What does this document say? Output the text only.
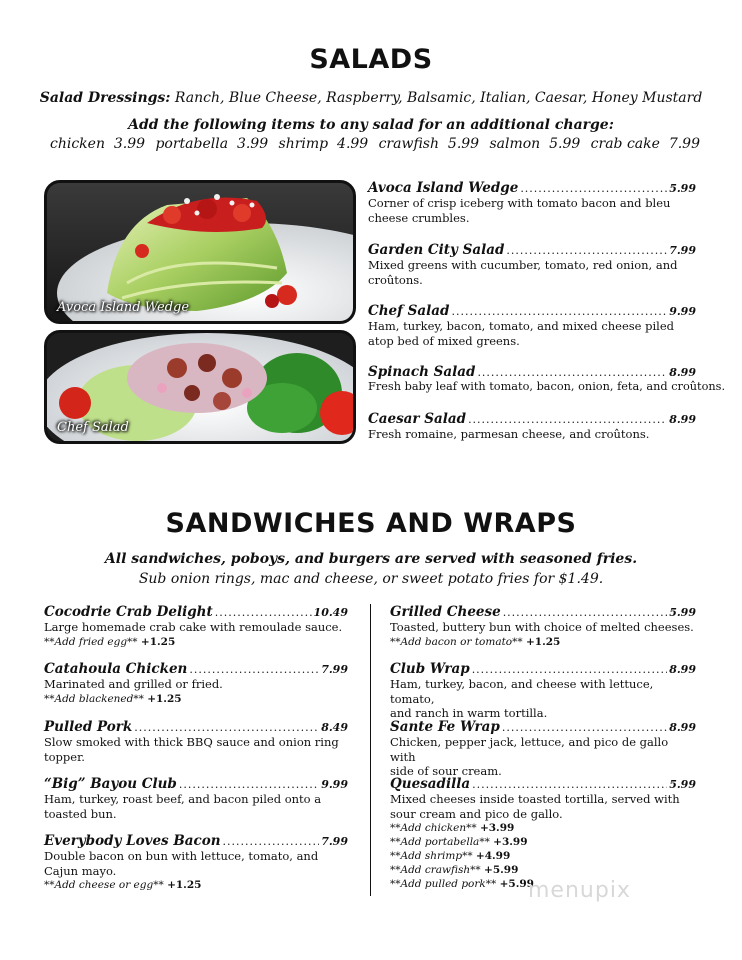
SALADS
Salad Dressings: Ranch, Blue Cheese, Raspberry, Balsamic, Italian, Caesar, Honey Mustard
Add the following items to any salad for an additional charge:
chicken 3.99 portabella 3.99 shrimp 4.99 crawfish 5.99 salmon 5.99 crab cake 7.99
Avoca Island Wedge
Chef Salad
Avoca Island Wedge .....	5.99
Corner of crisp iceberg with tomato bacon and bleu
cheese crumbles.
Garden City Salad .....	7.99
Mixed greens with cucumber, tomato, red onion, and
croûtons.
Chef Salad .....	9.99
Ham, turkey, bacon, tomato, and mixed cheese piled
atop bed of mixed greens.
Spinach Salad .....	8.99
Fresh baby leaf with tomato, bacon, onion, feta, and croûtons.
Caesar Salad .....	8.99
Fresh romaine, parmesan cheese, and croûtons.
SANDWICHES AND WRAPS
All sandwiches, poboys, and burgers are served with seasoned fries.
Sub onion rings, mac and cheese, or sweet potato fries for $1.49.
Cocodrie Crab Delight .....	10.49
Large homemade crab cake with remoulade sauce.
**Add fried egg** +1.25
Catahoula Chicken .....	7.99
Marinated and grilled or fried.
**Add blackened** +1.25
Pulled Pork .....	8.49
Slow smoked with thick BBQ sauce and onion ring
topper.
“Big” Bayou Club .....	9.99
Ham, turkey, roast beef, and bacon piled onto a
toasted bun.
Everybody Loves Bacon .....	7.99
Double bacon on bun with lettuce, tomato, and
Cajun mayo.
**Add cheese or egg** +1.25
Grilled Cheese .....	5.99
Toasted, buttery bun with choice of melted cheeses.
**Add bacon or tomato** +1.25
Club Wrap .....	8.99
Ham, turkey, bacon, and cheese with lettuce, tomato,
and ranch in warm tortilla.
Sante Fe Wrap .....	8.99
Chicken, pepper jack, lettuce, and pico de gallo with
side of sour cream.
Quesadilla .....	5.99
Mixed cheeses inside toasted tortilla, served with
sour cream and pico de gallo.
**Add chicken** +3.99
**Add portabella** +3.99
**Add shrimp** +4.99
**Add crawfish** +5.99
**Add pulled pork** +5.99
menupix
